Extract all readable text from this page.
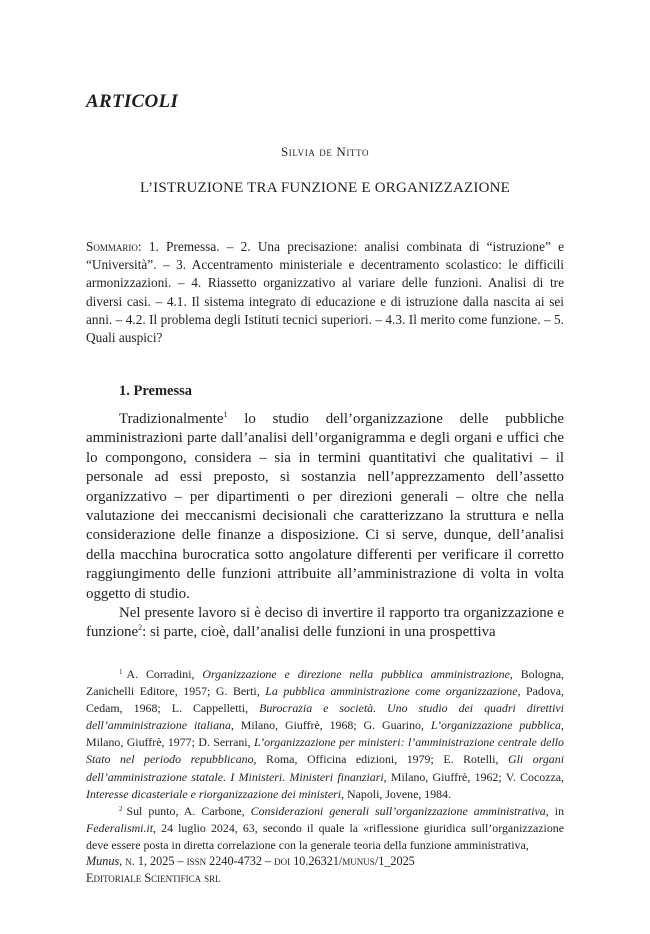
ARTICOLI
Silvia de Nitto
L’ISTRUZIONE TRA FUNZIONE E ORGANIZZAZIONE
Sommario: 1. Premessa. – 2. Una precisazione: analisi combinata di “istruzione” e “Università”. – 3. Accentramento ministeriale e decentramento scolastico: le difficili armonizzazioni. – 4. Riassetto organizzativo al variare delle funzioni. Analisi di tre diversi casi. – 4.1. Il sistema integrato di educazione e di istruzione dalla nascita ai sei anni. – 4.2. Il problema degli Istituti tecnici superiori. – 4.3. Il merito come funzione. – 5. Quali auspici?
1. Premessa

Tradizionalmente$^1$ lo studio dell’organizzazione delle pubbliche amministrazioni parte dall’analisi dell’organigramma e degli organi e uffici che lo compongono, considera – sia in termini quantitativi che qualitativi – il personale ad essi preposto, si sostanzia nell’apprezzamento dell’assetto organizzativo – per dipartimenti o per direzioni generali – oltre che nella valutazione dei meccanismi decisionali che caratterizzano la struttura e nella considerazione delle finanze a disposizione. Ci si serve, dunque, dell’analisi della macchina burocratica sotto angolature differenti per verificare il corretto raggiungimento delle funzioni attribuite all’amministrazione di volta in volta oggetto di studio.

Nel presente lavoro si è deciso di invertire il rapporto tra organizzazione e funzione$^2$: si parte, cioè, dall’analisi delle funzioni in una prospettiva

$^1$ A. Corradini, Organizzazione e direzione nella pubblica amministrazione, Bologna, Zanichelli Editore, 1957; G. Berti, La pubblica amministrazione come organizzazione, Padova, Cedam, 1968; L. Cappelletti, Burocrazia e società. Uno studio dei quadri direttivi dell’amministrazione italiana, Milano, Giuffrè, 1968; G. Guarino, L’organizzazione pubblica, Milano, Giuffrè, 1977; D. Serrani, L’organizzazione per ministeri: l’amministrazione centrale dello Stato nel periodo repubblicano, Roma, Officina edizioni, 1979; E. Rotelli, Gli organi dell’amministrazione statale. I Ministeri. Ministeri finanziari, Milano, Giuffrè, 1962; V. Cocozza, Interesse dicasteriale e riorganizzazione dei ministeri, Napoli, Jovene, 1984.

$^2$ Sul punto, A. Carbone, Considerazioni generali sull’organizzazione amministrativa, in Federalismi.it, 24 luglio 2024, 63, secondo il quale la «riflessione giuridica sull’organizzazione deve essere posta in diretta correlazione con la generale teoria della funzione amministrativa,

Munus, n. 1, 2025 – issn 2240-4732 – doi 10.26321/munus/1_2025
Editoriale Scientifica srl
